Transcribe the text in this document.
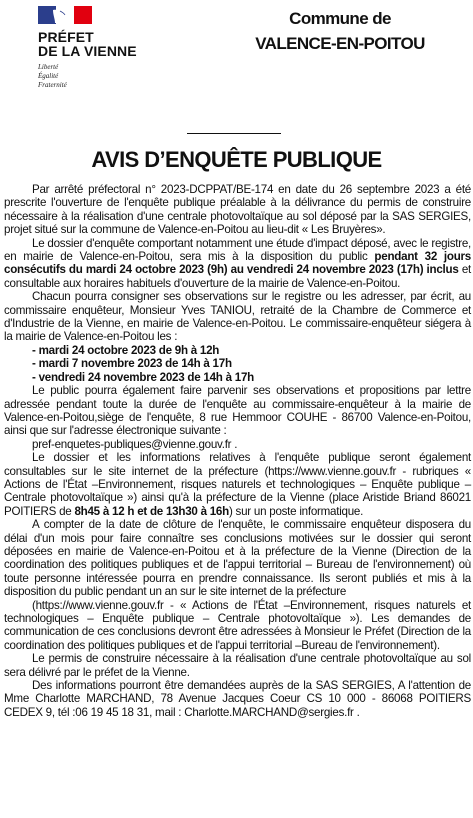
PRÉFET
DE LA VIENNE
Liberté
Égalité
Fraternité
Commune de
VALENCE-EN-POITOU
AVIS D’ENQUÊTE PUBLIQUE

Par arrêté préfectoral n° 2023-DCPPAT/BE-174 en date du 26 septembre 2023 a été prescrite l'ouverture de l'enquête publique préalable à la délivrance du permis de construire nécessaire à la réalisation d'une centrale photovoltaïque au sol déposé par la SAS SERGIES, projet situé sur la commune de Valence-en-Poitou au lieu-dit « Les Bruyères».

Le dossier d'enquête comportant notamment une étude d'impact déposé, avec le registre, en mairie de Valence-en-Poitou, sera mis à la disposition du public pendant 32 jours consécutifs du mardi 24 octobre 2023 (9h) au vendredi 24 novembre 2023 (17h) inclus et consultable aux horaires habituels d'ouverture de la mairie de Valence-en-Poitou.

Chacun pourra consigner ses observations sur le registre ou les adresser, par écrit, au commissaire enquêteur, Monsieur Yves TANIOU, retraité de la Chambre de Commerce et d'Industrie de la Vienne, en mairie de Valence-en-Poitou. Le commissaire-enquêteur siégera à la mairie de Valence-en-Poitou les :

- mardi 24 octobre 2023 de 9h à 12h
- mardi 7 novembre 2023 de 14h à 17h
- vendredi 24 novembre 2023 de 14h à 17h

Le public pourra également faire parvenir ses observations et propositions par lettre adressée pendant toute la durée de l'enquête au commissaire-enquêteur à la mairie de Valence-en-Poitou,siège de l'enquête, 8 rue Hemmoor COUHE - 86700 Valence-en-Poitou, ainsi que sur l'adresse électronique suivante :

pref-enquetes-publiques@vienne.gouv.fr .

Le dossier et les informations relatives à l'enquête publique seront également consultables sur le site internet de la préfecture (https://www.vienne.gouv.fr - rubriques « Actions de l'État –Environnement, risques naturels et technologiques – Enquête publique – Centrale photovoltaïque ») ainsi qu'à la préfecture de la Vienne (place Aristide Briand 86021 POITIERS de 8h45 à 12 h et de 13h30 à 16h) sur un poste informatique.

A compter de la date de clôture de l'enquête, le commissaire enquêteur disposera du délai d'un mois pour faire connaître ses conclusions motivées sur le dossier qui seront déposées en mairie de Valence-en-Poitou et à la préfecture de la Vienne (Direction de la coordination des politiques publiques et de l'appui territorial – Bureau de l'environnement) où toute personne intéressée pourra en prendre connaissance. Ils seront publiés et mis à la disposition du public pendant un an sur le site internet de la préfecture

(https://www.vienne.gouv.fr - « Actions de l'État –Environnement, risques naturels et technologiques – Enquête publique – Centrale photovoltaïque »). Les demandes de communication de ces conclusions devront être adressées à Monsieur le Préfet (Direction de la coordination des politiques publiques et de l'appui territorial –Bureau de l'environnement).

Le permis de construire nécessaire à la réalisation d'une centrale photovoltaïque au sol sera délivré par le préfet de la Vienne.

Des informations pourront être demandées auprès de la SAS SERGIES, A l'attention de Mme Charlotte MARCHAND, 78 Avenue Jacques Coeur CS 10 000 - 86068 POITIERS CEDEX 9, tél :06 19 45 18 31, mail : Charlotte.MARCHAND@sergies.fr .
